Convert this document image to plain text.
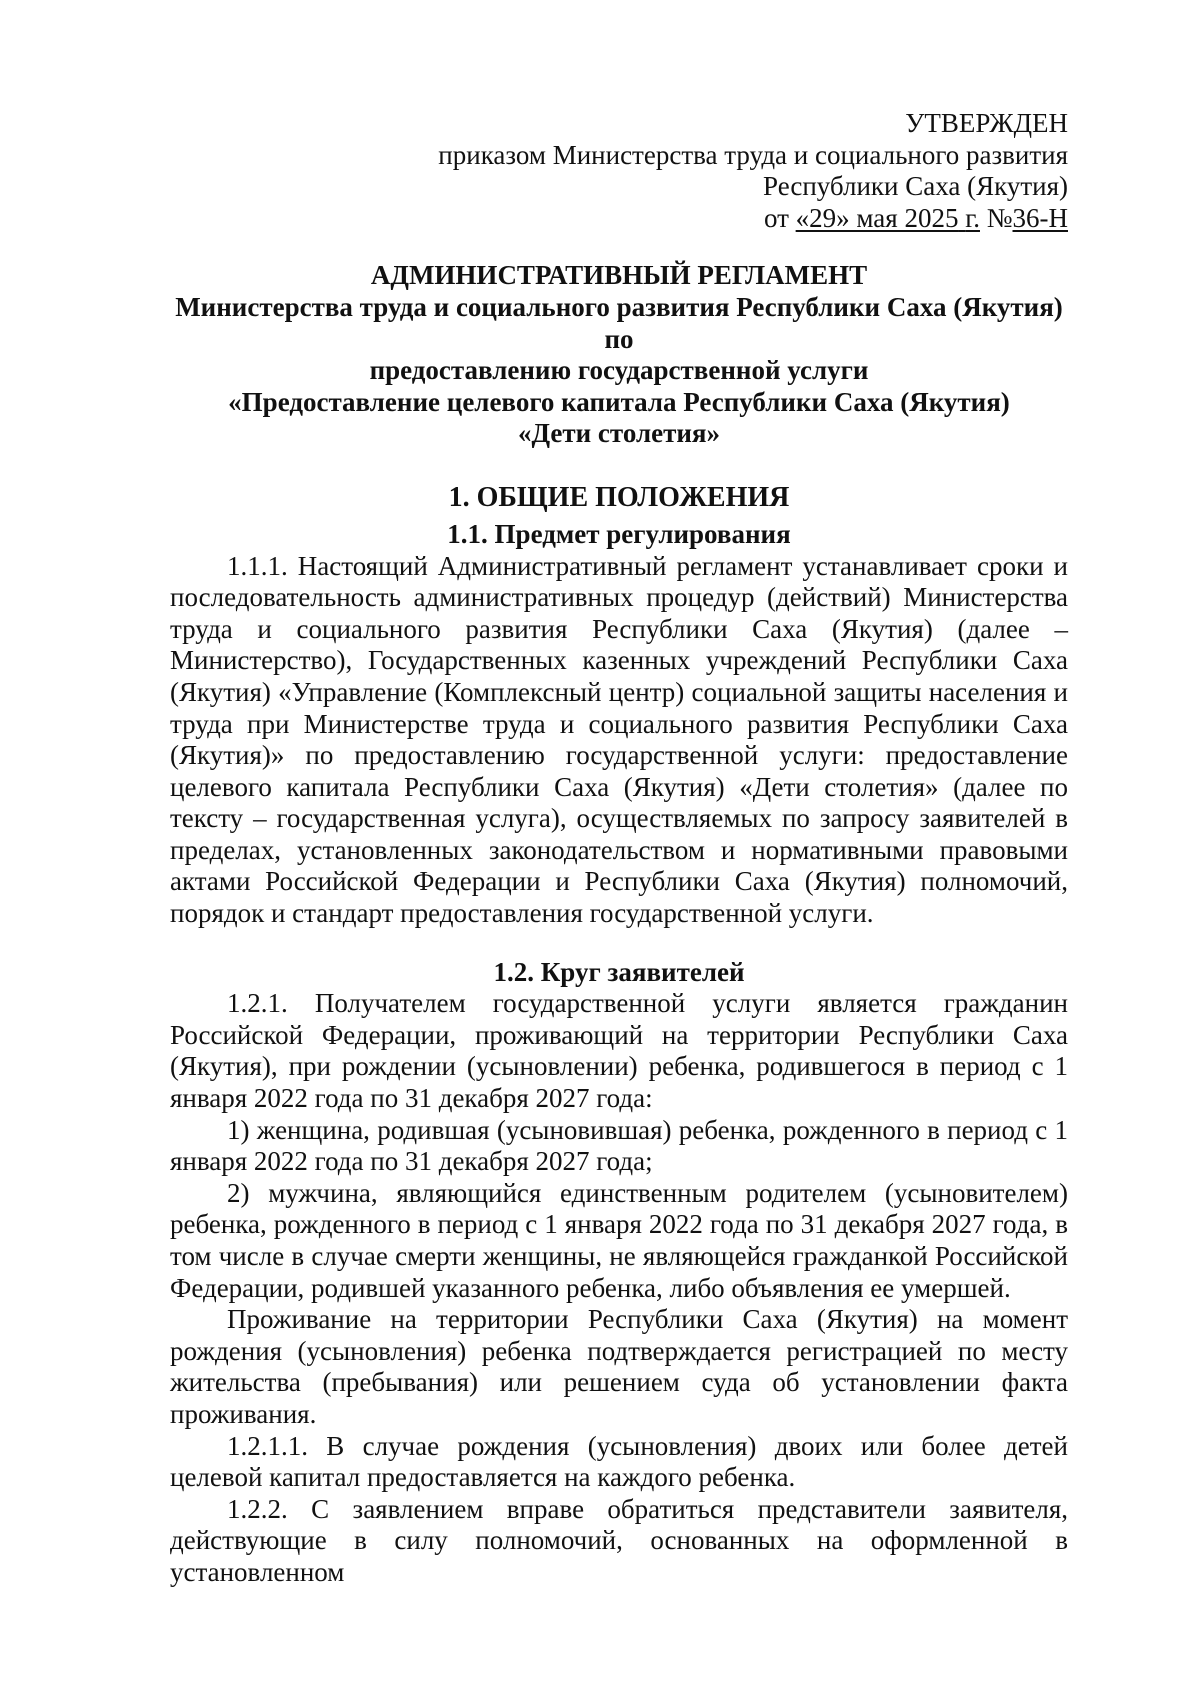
УТВЕРЖДЕН
приказом Министерства труда и социального развития
Республики Саха (Якутия)
от «29» мая 2025 г. №36-Н
АДМИНИСТРАТИВНЫЙ РЕГЛАМЕНТ
Министерства труда и социального развития Республики Саха (Якутия) по
предоставлению государственной услуги
«Предоставление целевого капитала Республики Саха (Якутия)
«Дети столетия»
1. ОБЩИЕ ПОЛОЖЕНИЯ
1.1. Предмет регулирования

1.1.1. Настоящий Административный регламент устанавливает сроки и последовательность административных процедур (действий) Министерства труда и социального развития Республики Саха (Якутия) (далее – Министерство), Государственных казенных учреждений Республики Саха (Якутия) «Управление (Комплексный центр) социальной защиты населения и труда при Министерстве труда и социального развития Республики Саха (Якутия)» по предоставлению государственной услуги: предоставление целевого капитала Республики Саха (Якутия) «Дети столетия» (далее по тексту – государственная услуга), осуществляемых по запросу заявителей в пределах, установленных законодательством и нормативными правовыми актами Российской Федерации и Республики Саха (Якутия) полномочий, порядок и стандарт предоставления государственной услуги.

1.2. Круг заявителей

1.2.1. Получателем государственной услуги является гражданин Российской Федерации, проживающий на территории Республики Саха (Якутия), при рождении (усыновлении) ребенка, родившегося в период с 1 января 2022 года по 31 декабря 2027 года:

1) женщина, родившая (усыновившая) ребенка, рожденного в период с 1 января 2022 года по 31 декабря 2027 года;

2) мужчина, являющийся единственным родителем (усыновителем) ребенка, рожденного в период с 1 января 2022 года по 31 декабря 2027 года, в том числе в случае смерти женщины, не являющейся гражданкой Российской Федерации, родившей указанного ребенка, либо объявления ее умершей.

Проживание на территории Республики Саха (Якутия) на момент рождения (усыновления) ребенка подтверждается регистрацией по месту жительства (пребывания) или решением суда об установлении факта проживания.

1.2.1.1. В случае рождения (усыновления) двоих или более детей целевой капитал предоставляется на каждого ребенка.

1.2.2. С заявлением вправе обратиться представители заявителя, действующие в силу полномочий, основанных на оформленной в установленном
